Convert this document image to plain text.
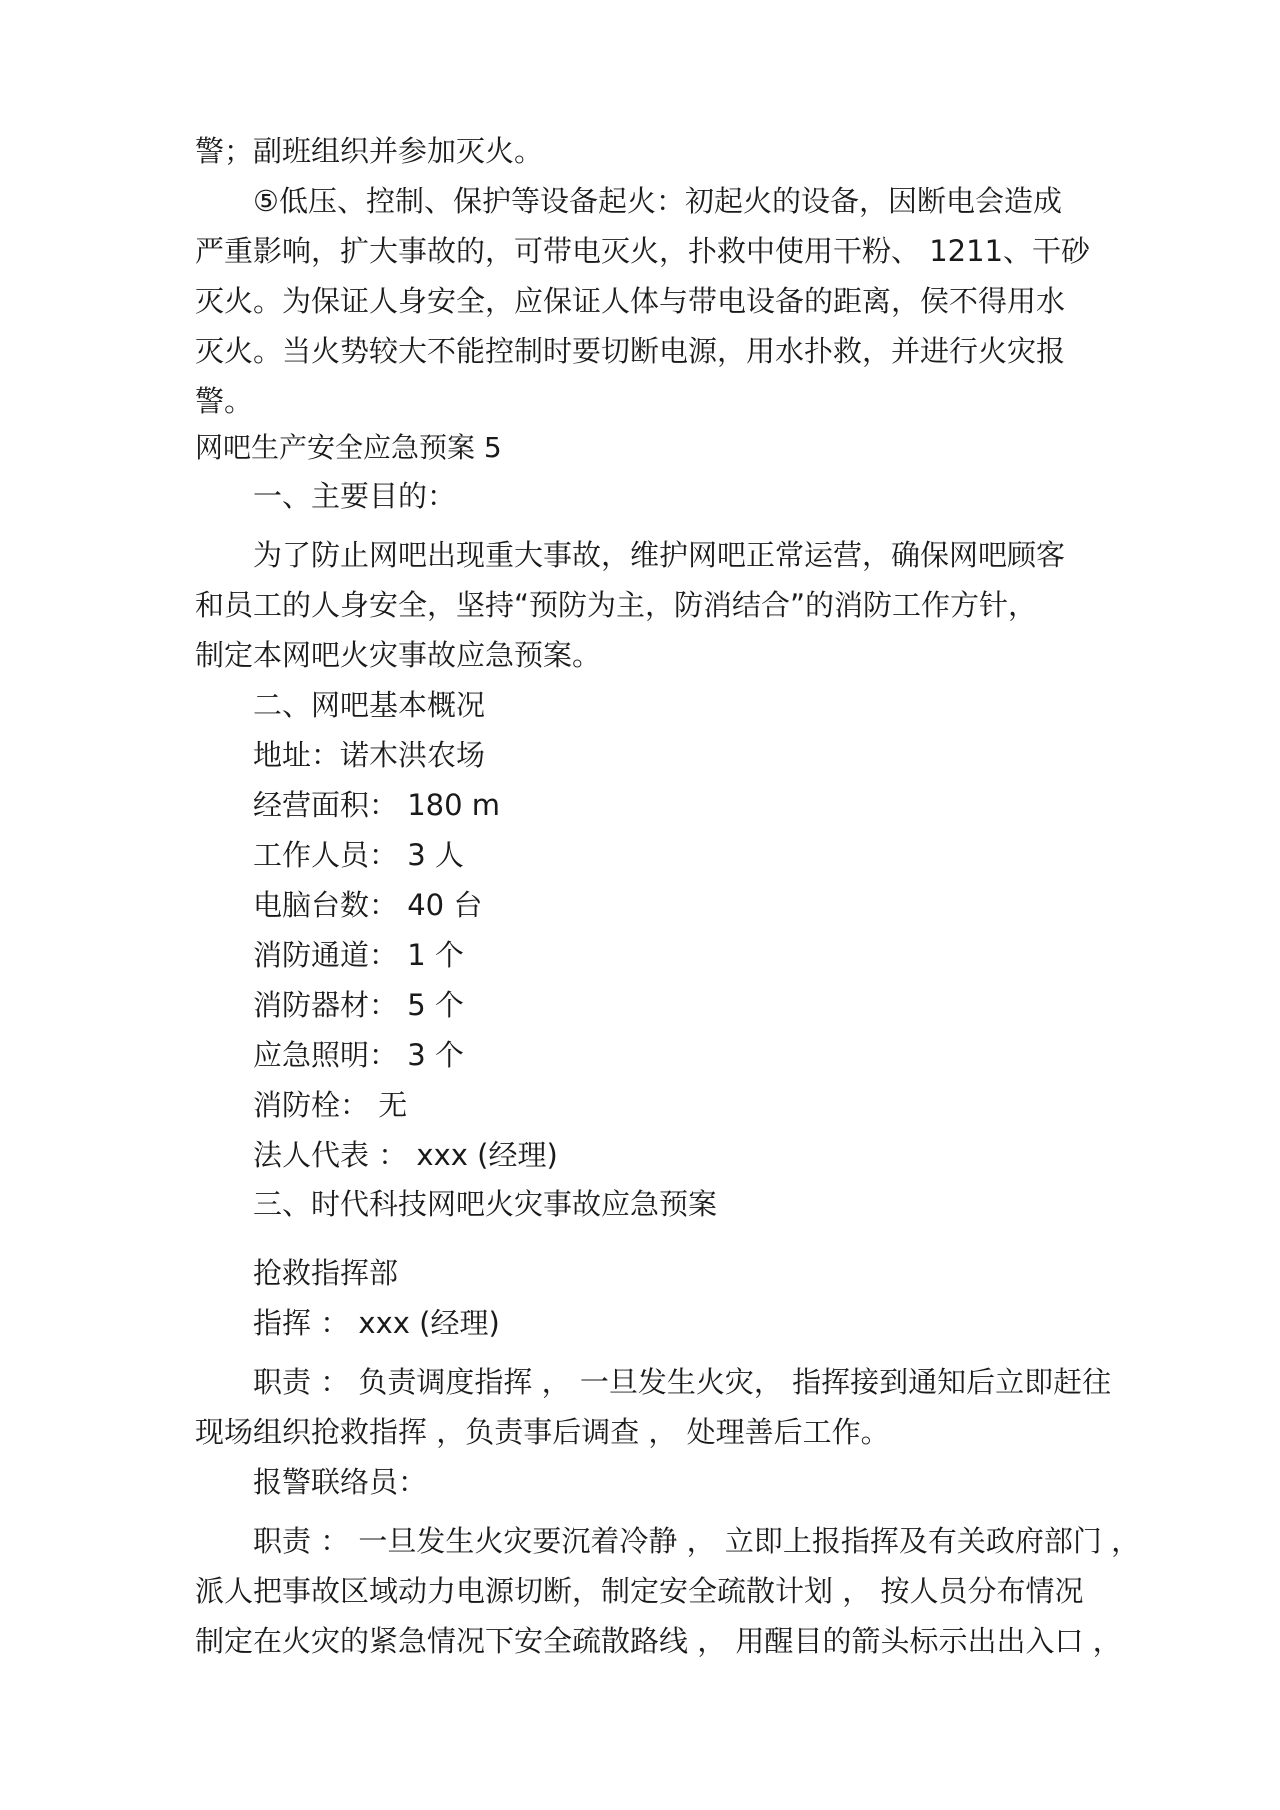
警；副班组织并参加灭火。

⑤低压、控制、保护等设备起火：初起火的设备，因断电会造成

严重影响，扩大事故的，可带电灭火，扑救中使用干粉、 1211、干砂

灭火。为保证人身安全，应保证人体与带电设备的距离，侯不得用水

灭火。当火势较大不能控制时要切断电源，用水扑救，并进行火灾报

警。

网吧生产安全应急预案 5

一、主要目的：

为了防止网吧出现重大事故，维护网吧正常运营，确保网吧顾客

和员工的人身安全，坚持“预防为主，防消结合”的消防工作方针，

制定本网吧火灾事故应急预案。

二、网吧基本概况

地址：诺木洪农场

经营面积： 180 m

工作人员： 3 人

电脑台数： 40 台

消防通道： 1 个

消防器材： 5 个

应急照明： 3 个

消防栓： 无

法人代表 ： xxx (经理)

三、时代科技网吧火灾事故应急预案

抢救指挥部

指挥 ： xxx (经理)

职责 ： 负责调度指挥 ， 一旦发生火灾， 指挥接到通知后立即赶往

现场组织抢救指挥 ，负责事后调查 ， 处理善后工作。

报警联络员：

职责 ： 一旦发生火灾要沉着冷静 ， 立即上报指挥及有关政府部门 ，

派人把事故区域动力电源切断，制定安全疏散计划 ， 按人员分布情况

制定在火灾的紧急情况下安全疏散路线 ， 用醒目的箭头标示出出入口 ，
